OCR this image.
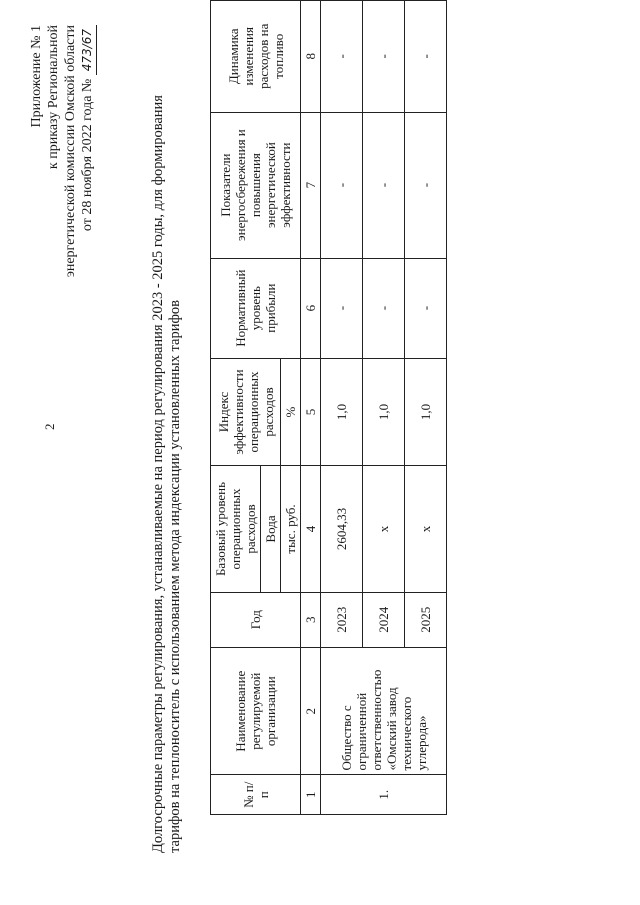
2
Приложение № 1 к приказу Региональной энергетической комиссии Омской области от 28 ноября 2022 года № 473/67
Долгосрочные параметры регулирования, устанавливаемые на период регулирования 2023 - 2025 годы, для формирования тарифов на теплоноситель с использованием метода индексации установленных тарифов	№ п/п	Наименование регулируемой организации	Год	Базовый уровень операционных расходов	Индекс эффективности операционных расходов	Нормативный уровень прибыли	Показатели энергосбережения и повышения энергетической эффективности	Динамика изменения расходов на топливо
			Вода				
			тыс. руб.	%			
1	2	3	4	5	6	7	8
1.	Общество с ограниченной ответственностью «Омский завод технического углерода»	2023	2604,33	1,0	-	-	-
		2024	х	1,0	-	-	-
		2025	х	1,0	-	-	-
